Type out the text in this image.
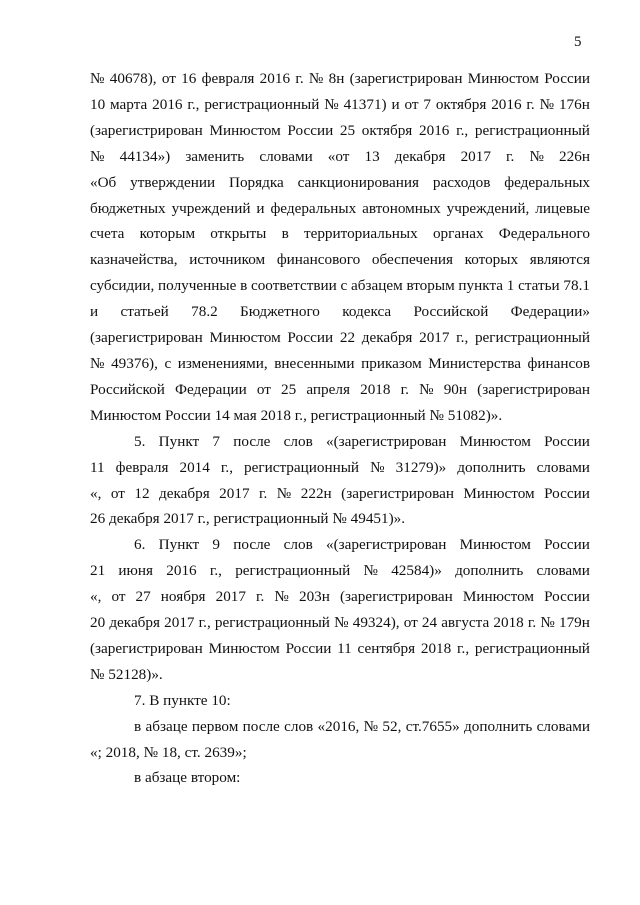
5
№ 40678), от 16 февраля 2016 г. № 8н (зарегистрирован Минюстом России
10 марта 2016 г., регистрационный № 41371) и от 7 октября 2016 г. № 176н
(зарегистрирован Минюстом России 25 октября 2016 г., регистрационный
№ 44134») заменить словами «от 13 декабря 2017 г. № 226н
«Об утверждении Порядка санкционирования расходов федеральных
бюджетных учреждений и федеральных автономных учреждений, лицевые
счета которым открыты в территориальных органах Федерального
казначейства, источником финансового обеспечения которых являются
субсидии, полученные в соответствии с абзацем вторым пункта 1 статьи 78.1
и статьей 78.2 Бюджетного кодекса Российской Федерации»
(зарегистрирован Минюстом России 22 декабря 2017 г., регистрационный
№ 49376), с изменениями, внесенными приказом Министерства финансов
Российской Федерации от 25 апреля 2018 г. № 90н (зарегистрирован
Минюстом России 14 мая 2018 г., регистрационный № 51082)».
5. Пункт 7 после слов «(зарегистрирован Минюстом России
11 февраля 2014 г., регистрационный № 31279)» дополнить словами
«, от 12 декабря 2017 г. № 222н (зарегистрирован Минюстом России
26 декабря 2017 г., регистрационный № 49451)».
6. Пункт 9 после слов «(зарегистрирован Минюстом России
21 июня 2016 г., регистрационный № 42584)» дополнить словами
«, от 27 ноября 2017 г. № 203н (зарегистрирован Минюстом России
20 декабря 2017 г., регистрационный № 49324), от 24 августа 2018 г. № 179н
(зарегистрирован Минюстом России 11 сентября 2018 г., регистрационный
№ 52128)».
7. В пункте 10:
в абзаце первом после слов «2016, № 52, ст.7655» дополнить словами
«; 2018, № 18, ст. 2639»;
в абзаце втором:
